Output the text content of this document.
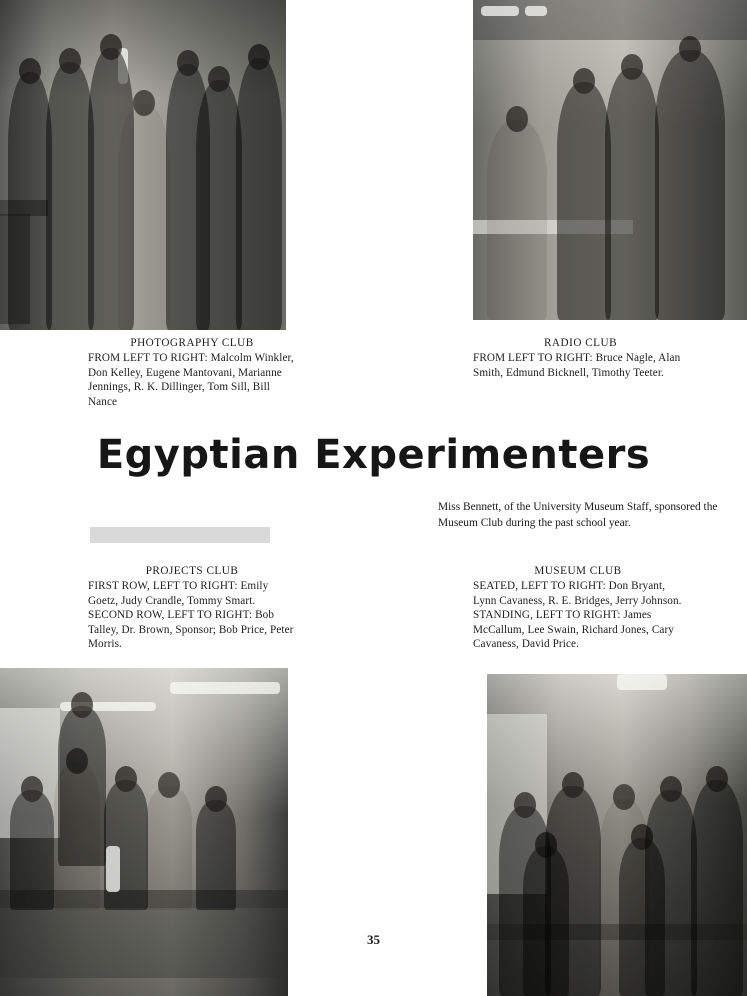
PHOTOGRAPHY CLUB
FROM LEFT TO RIGHT: Malcolm Winkler, Don Kelley, Eugene Mantovani, Marianne Jennings, R. K. Dillinger, Tom Sill, Bill Nance
RADIO CLUB
FROM LEFT TO RIGHT: Bruce Nagle, Alan Smith, Edmund Bicknell, Timothy Teeter.
Egyptian Experimenters
Miss Bennett, of the University Museum Staff, sponsored the Museum Club during the past school year.
PROJECTS CLUB
FIRST ROW, LEFT TO RIGHT: Emily Goetz, Judy Crandle, Tommy Smart. SECOND ROW, LEFT TO RIGHT: Bob Talley, Dr. Brown, Sponsor; Bob Price, Peter Morris.
MUSEUM CLUB
SEATED, LEFT TO RIGHT: Don Bryant, Lynn Cavaness, R. E. Bridges, Jerry Johnson. STANDING, LEFT TO RIGHT: James McCallum, Lee Swain, Richard Jones, Cary Cavaness, David Price.
35
